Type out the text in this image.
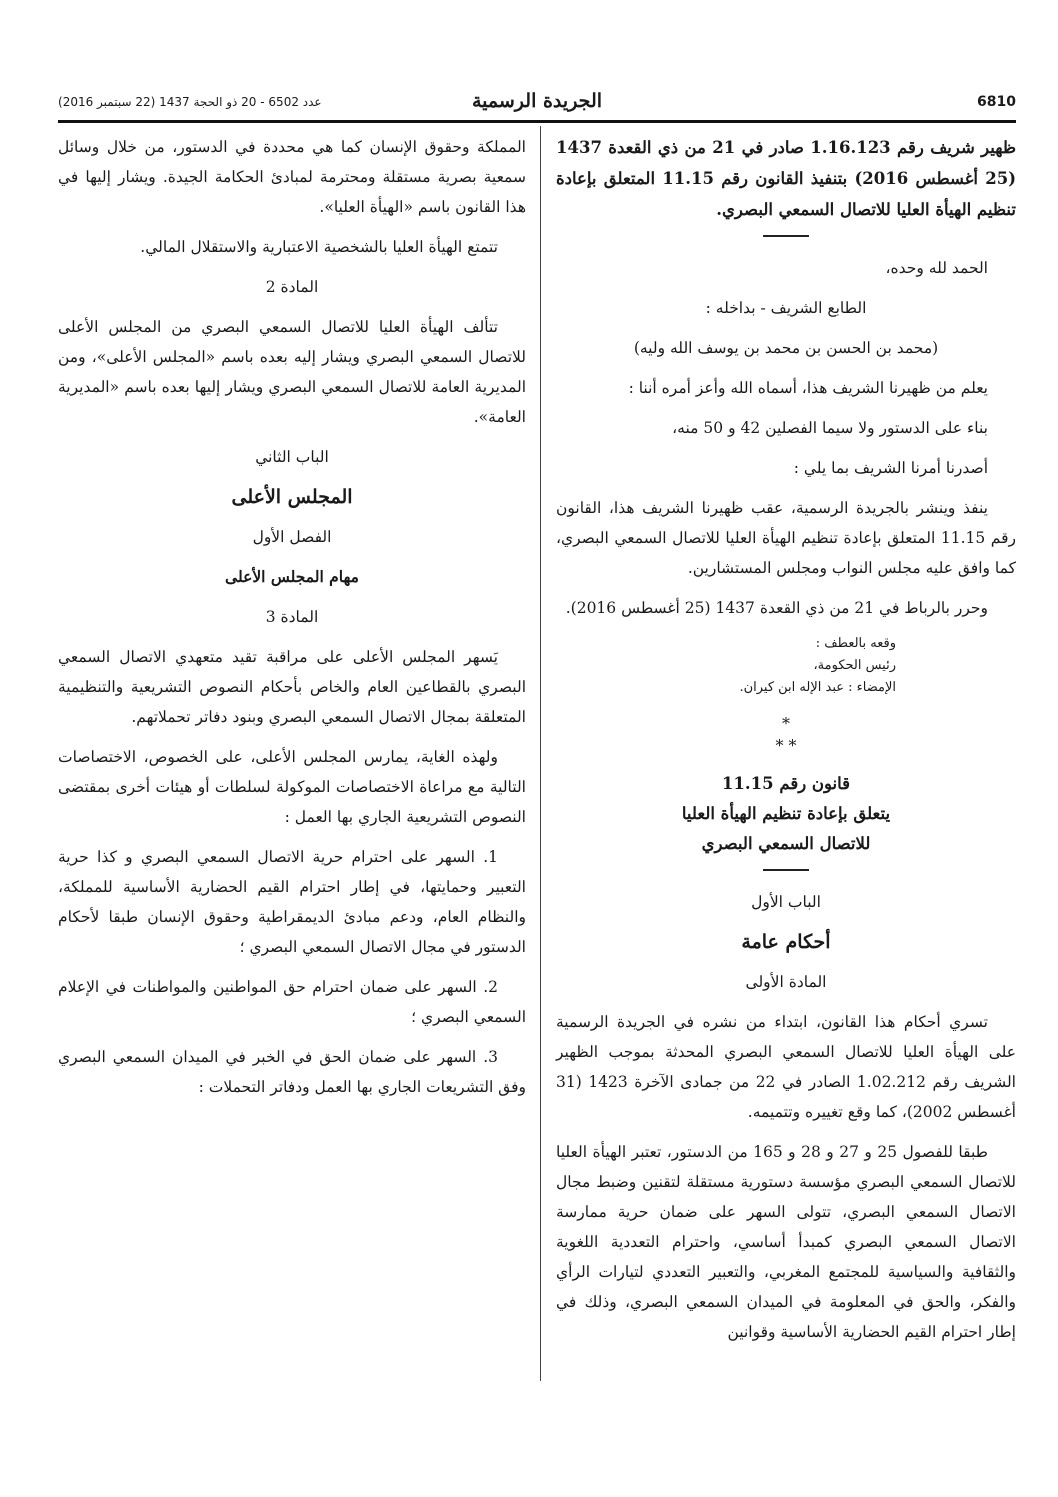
6810
الجريدة الرسمية
عدد 6502 - 20 ذو الحجة 1437 (22 سبتمبر 2016)

ظهير شريف رقم 1.16.123 صادر في 21 من ذي القعدة 1437 (25 أغسطس 2016) بتنفيذ القانون رقم 11.15 المتعلق بإعادة تنظيم الهيأة العليا للاتصال السمعي البصري.

الحمد لله وحده،

الطابع الشريف - بداخله :

(محمد بن الحسن بن محمد بن يوسف الله وليه)

يعلم من ظهيرنا الشريف هذا، أسماه الله وأعز أمره أننا :

بناء على الدستور ولا سيما الفصلين 42 و 50 منه،

أصدرنا أمرنا الشريف بما يلي :

ينفذ وينشر بالجريدة الرسمية، عقب ظهيرنا الشريف هذا، القانون رقم 11.15 المتعلق بإعادة تنظيم الهيأة العليا للاتصال السمعي البصري، كما وافق عليه مجلس النواب ومجلس المستشارين.

وحرر بالرباط في 21 من ذي القعدة 1437 (25 أغسطس 2016).

وقعه بالعطف :

رئيس الحكومة،

الإمضاء : عبد الإله ابن كيران.

*
* *

قانون رقم 11.15

يتعلق بإعادة تنظيم الهيأة العليا

للاتصال السمعي البصري

الباب الأول

أحكام عامة

المادة الأولى

تسري أحكام هذا القانون، ابتداء من نشره في الجريدة الرسمية على الهيأة العليا للاتصال السمعي البصري المحدثة بموجب الظهير الشريف رقم 1.02.212 الصادر في 22 من جمادى الآخرة 1423 (31 أغسطس 2002)، كما وقع تغييره وتتميمه.

طبقا للفصول 25 و 27 و 28 و 165 من الدستور، تعتبر الهيأة العليا للاتصال السمعي البصري مؤسسة دستورية مستقلة لتقنين وضبط مجال الاتصال السمعي البصري، تتولى السهر على ضمان حرية ممارسة الاتصال السمعي البصري كمبدأ أساسي، واحترام التعددية اللغوية والثقافية والسياسية للمجتمع المغربي، والتعبير التعددي لتيارات الرأي والفكر، والحق في المعلومة في الميدان السمعي البصري، وذلك في إطار احترام القيم الحضارية الأساسية وقوانين

المملكة وحقوق الإنسان كما هي محددة في الدستور، من خلال وسائل سمعية بصرية مستقلة ومحترمة لمبادئ الحكامة الجيدة. ويشار إليها في هذا القانون باسم «الهيأة العليا».

تتمتع الهيأة العليا بالشخصية الاعتبارية والاستقلال المالي.

المادة 2

تتألف الهيأة العليا للاتصال السمعي البصري من المجلس الأعلى للاتصال السمعي البصري ويشار إليه بعده باسم «المجلس الأعلى»، ومن المديرية العامة للاتصال السمعي البصري ويشار إليها بعده باسم «المديرية العامة».

الباب الثاني

المجلس الأعلى

الفصل الأول

مهام المجلس الأعلى

المادة 3

يَسهر المجلس الأعلى على مراقبة تقيد متعهدي الاتصال السمعي البصري بالقطاعين العام والخاص بأحكام النصوص التشريعية والتنظيمية المتعلقة بمجال الاتصال السمعي البصري وبنود دفاتر تحملاتهم.

ولهذه الغاية، يمارس المجلس الأعلى، على الخصوص، الاختصاصات التالية مع مراعاة الاختصاصات الموكولة لسلطات أو هيئات أخرى بمقتضى النصوص التشريعية الجاري بها العمل :

1. السهر على احترام حرية الاتصال السمعي البصري و كذا حرية التعبير وحمايتها، في إطار احترام القيم الحضارية الأساسية للمملكة، والنظام العام، ودعم مبادئ الديمقراطية وحقوق الإنسان طبقا لأحكام الدستور في مجال الاتصال السمعي البصري ؛

2. السهر على ضمان احترام حق المواطنين والمواطنات في الإعلام السمعي البصري ؛

3. السهر على ضمان الحق في الخبر في الميدان السمعي البصري وفق التشريعات الجاري بها العمل ودفاتر التحملات :
